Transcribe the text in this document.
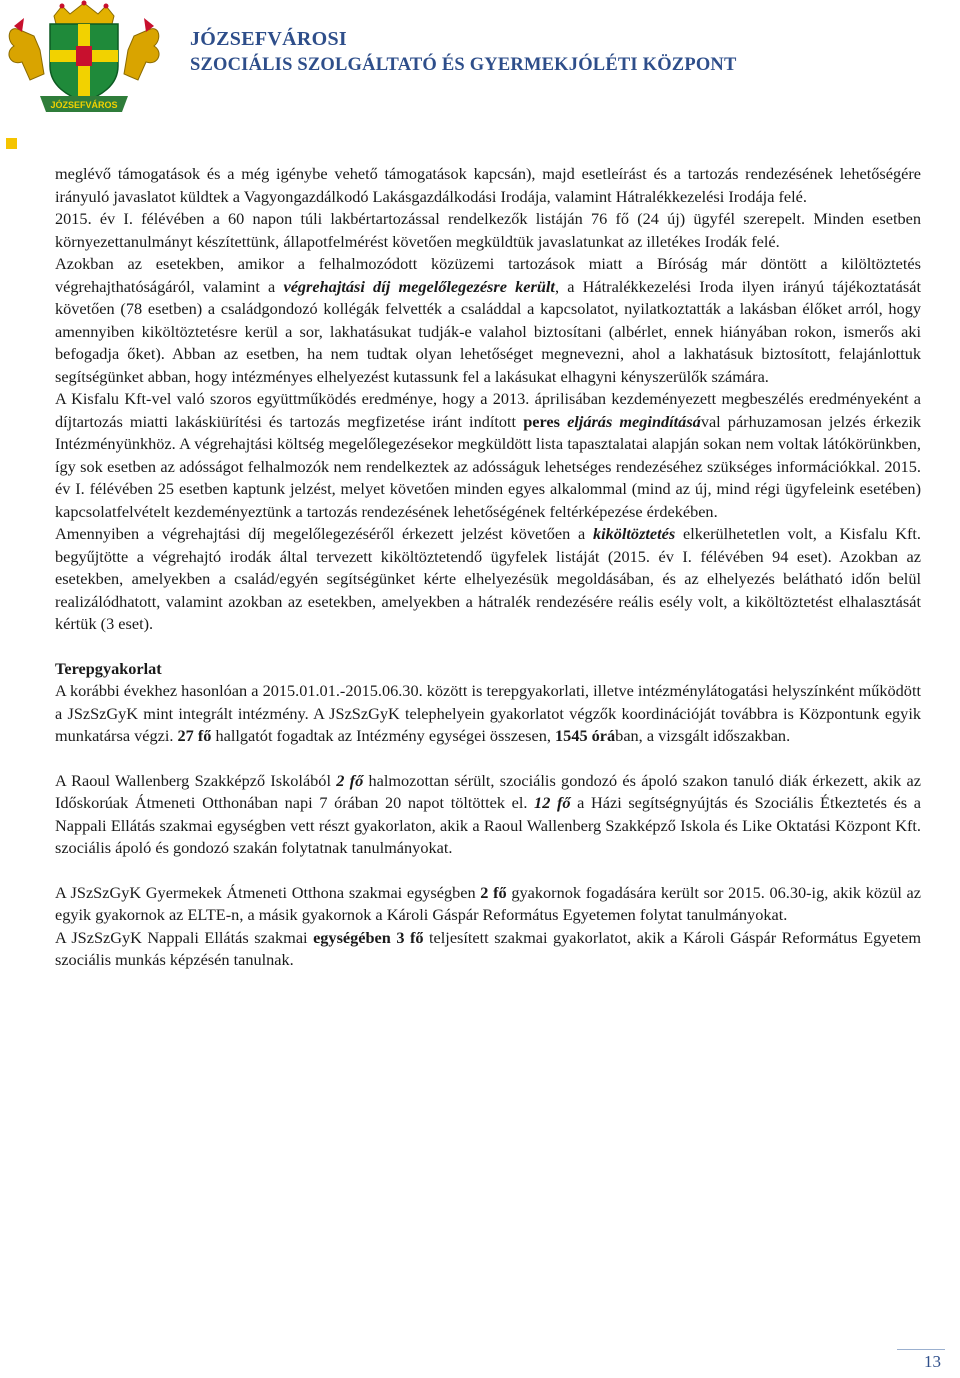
JÓZSEFVÁROS
JÓZSEFVÁROSI
SZOCIÁLIS SZOLGÁLTATÓ ÉS GYERMEKJÓLÉTI KÖZPONT

meglévő támogatások és a még igénybe vehető támogatások kapcsán), majd esetleírást és a tartozás rendezésének lehetőségére irányuló javaslatot küldtek a Vagyongazdálkodó Lakásgazdálkodási Irodája, valamint Hátralékkezelési Irodája felé.

2015. év I. félévében a 60 napon túli lakbértartozással rendelkezők listáján 76 fő (24 új) ügyfél szerepelt. Minden esetben környezettanulmányt készítettünk, állapotfelmérést követően megküldtük javaslatunkat az illetékes Irodák felé.

Azokban az esetekben, amikor a felhalmozódott közüzemi tartozások miatt a Bíróság már döntött a kilöltöztetés végrehajthatóságáról, valamint a végrehajtási díj megelőlegezésre került, a Hátralékkezelési Iroda ilyen irányú tájékoztatását követően (78 esetben) a családgondozó kollégák felvették a családdal a kapcsolatot, nyilatkoztatták a lakásban élőket arról, hogy amennyiben kiköltöztetésre kerül a sor, lakhatásukat tudják-e valahol biztosítani (albérlet, ennek hiányában rokon, ismerős aki befogadja őket). Abban az esetben, ha nem tudtak olyan lehetőséget megnevezni, ahol a lakhatásuk biztosított, felajánlottuk segítségünket abban, hogy intézményes elhelyezést kutassunk fel a lakásukat elhagyni kényszerülők számára.

A Kisfalu Kft-vel való szoros együttműködés eredménye, hogy a 2013. áprilisában kezdeményezett megbeszélés eredményeként a díjtartozás miatti lakáskiürítési és tartozás megfizetése iránt indított peres eljárás megindításával párhuzamosan jelzés érkezik Intézményünkhöz. A végrehajtási költség megelőlegezésekor megküldött lista tapasztalatai alapján sokan nem voltak látókörünkben, így sok esetben az adósságot felhalmozók nem rendelkeztek az adósságuk lehetséges rendezéséhez szükséges információkkal. 2015. év I. félévében 25 esetben kaptunk jelzést, melyet követően minden egyes alkalommal (mind az új, mind régi ügyfeleink esetében) kapcsolatfelvételt kezdeményeztünk a tartozás rendezésének lehetőségének feltérképezése érdekében.

Amennyiben a végrehajtási díj megelőlegezéséről érkezett jelzést követően a kiköltöztetés elkerülhetetlen volt, a Kisfalu Kft. begyűjtötte a végrehajtó irodák által tervezett kiköltöztetendő ügyfelek listáját (2015. év I. félévében 94 eset). Azokban az esetekben, amelyekben a család/egyén segítségünket kérte elhelyezésük megoldásában, és az elhelyezés belátható időn belül realizálódhatott, valamint azokban az esetekben, amelyekben a hátralék rendezésére reális esély volt, a kiköltöztetést elhalasztását kértük (3 eset).

Terepgyakorlat

A korábbi évekhez hasonlóan a 2015.01.01.-2015.06.30. között is terepgyakorlati, illetve intézménylátogatási helyszínként működött a JSzSzGyK mint integrált intézmény. A JSzSzGyK telephelyein gyakorlatot végzők koordinációját továbbra is Központunk egyik munkatársa végzi. 27 fő hallgatót fogadtak az Intézmény egységei összesen, 1545 órában, a vizsgált időszakban.

A Raoul Wallenberg Szakképző Iskolából 2 fő halmozottan sérült, szociális gondozó és ápoló szakon tanuló diák érkezett, akik az Időskorúak Átmeneti Otthonában napi 7 órában 20 napot töltöttek el. 12 fő a Házi segítségnyújtás és Szociális Étkeztetés és a Nappali Ellátás szakmai egységben vett részt gyakorlaton, akik a Raoul Wallenberg Szakképző Iskola és Like Oktatási Központ Kft. szociális ápoló és gondozó szakán folytatnak tanulmányokat.

A JSzSzGyK Gyermekek Átmeneti Otthona szakmai egységben 2 fő gyakornok fogadására került sor 2015. 06.30-ig, akik közül az egyik gyakornok az ELTE-n, a másik gyakornok a Károli Gáspár Református Egyetemen folytat tanulmányokat.

A JSzSzGyK Nappali Ellátás szakmai egységében 3 fő teljesített szakmai gyakorlatot, akik a Károli Gáspár Református Egyetem szociális munkás képzésén tanulnak.

13
